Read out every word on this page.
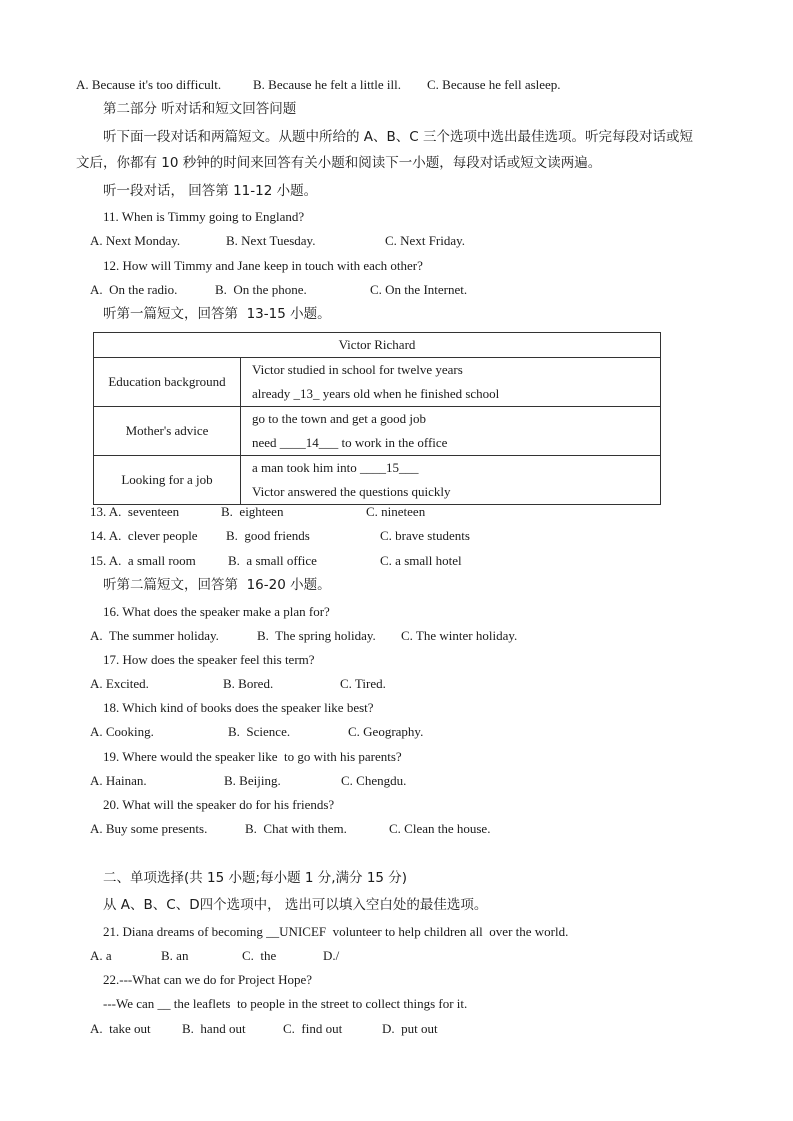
A. Because it's too difficult. B. Because he felt a little ill. C. Because he fell asleep.
第二部分 听对话和短文回答问题
听下面一段对话和两篇短文。从题中所给的 A、B、C 三个选项中选出最佳选项。听完每段对话或短
文后，你都有 10 秒钟的时间来回答有关小题和阅读下一小题，每段对话或短文读两遍。
听一段对话， 回答第 11-12 小题。
11. When is Timmy going to England?
A. Next Monday.	B. Next Tuesday.	C. Next Friday.
12. How will Timmy and Jane keep in touch with each other?
A.  On the radio.	B.  On the phone.	C. On the Internet.
听第一篇短文，回答第  13-15 小题。
Victor Richard	
Education background	Victor studied in school for twelve years
already _13_ years old when he finished school

Mother's advice	go to the town and get a good job
need ____14___ to work in the office

Looking for a job	a man took him into ____15___
Victor answered the questions quickly
13. A.  seventeen	B.  eighteen	C. nineteen
14. A.  clever people B.  good friends	C. brave students
15. A.  a small room B.  a small office	C. a small hotel
听第二篇短文，回答第  16-20 小题。
16. What does the speaker make a plan for?
A.  The summer holiday.	B.  The spring holiday. C. The winter holiday.
17. How does the speaker feel this term?
A. Excited.	B. Bored.	C. Tired.
18. Which kind of books does the speaker like best?
A. Cooking.	B.  Science.	C. Geography.
19. Where would the speaker like  to go with his parents?
A. Hainan.	B. Beijing.	C. Chengdu.
20. What will the speaker do for his friends?
A. Buy some presents.	B.  Chat with them.	C. Clean the house.
二、单项选择(共 15 小题;每小题 1 分,满分 15 分)
从 A、B、C、D四个选项中， 选出可以填入空白处的最佳选项。
21. Diana dreams of becoming __UNICEF  volunteer to help children all  over the world.
A. a	B. an	C.  the	D./
22.---What can we do for Project Hope?
---We can __ the leaflets  to people in the street to collect things for it.
A.  take out B.  hand out	C.  find out	D.  put out
